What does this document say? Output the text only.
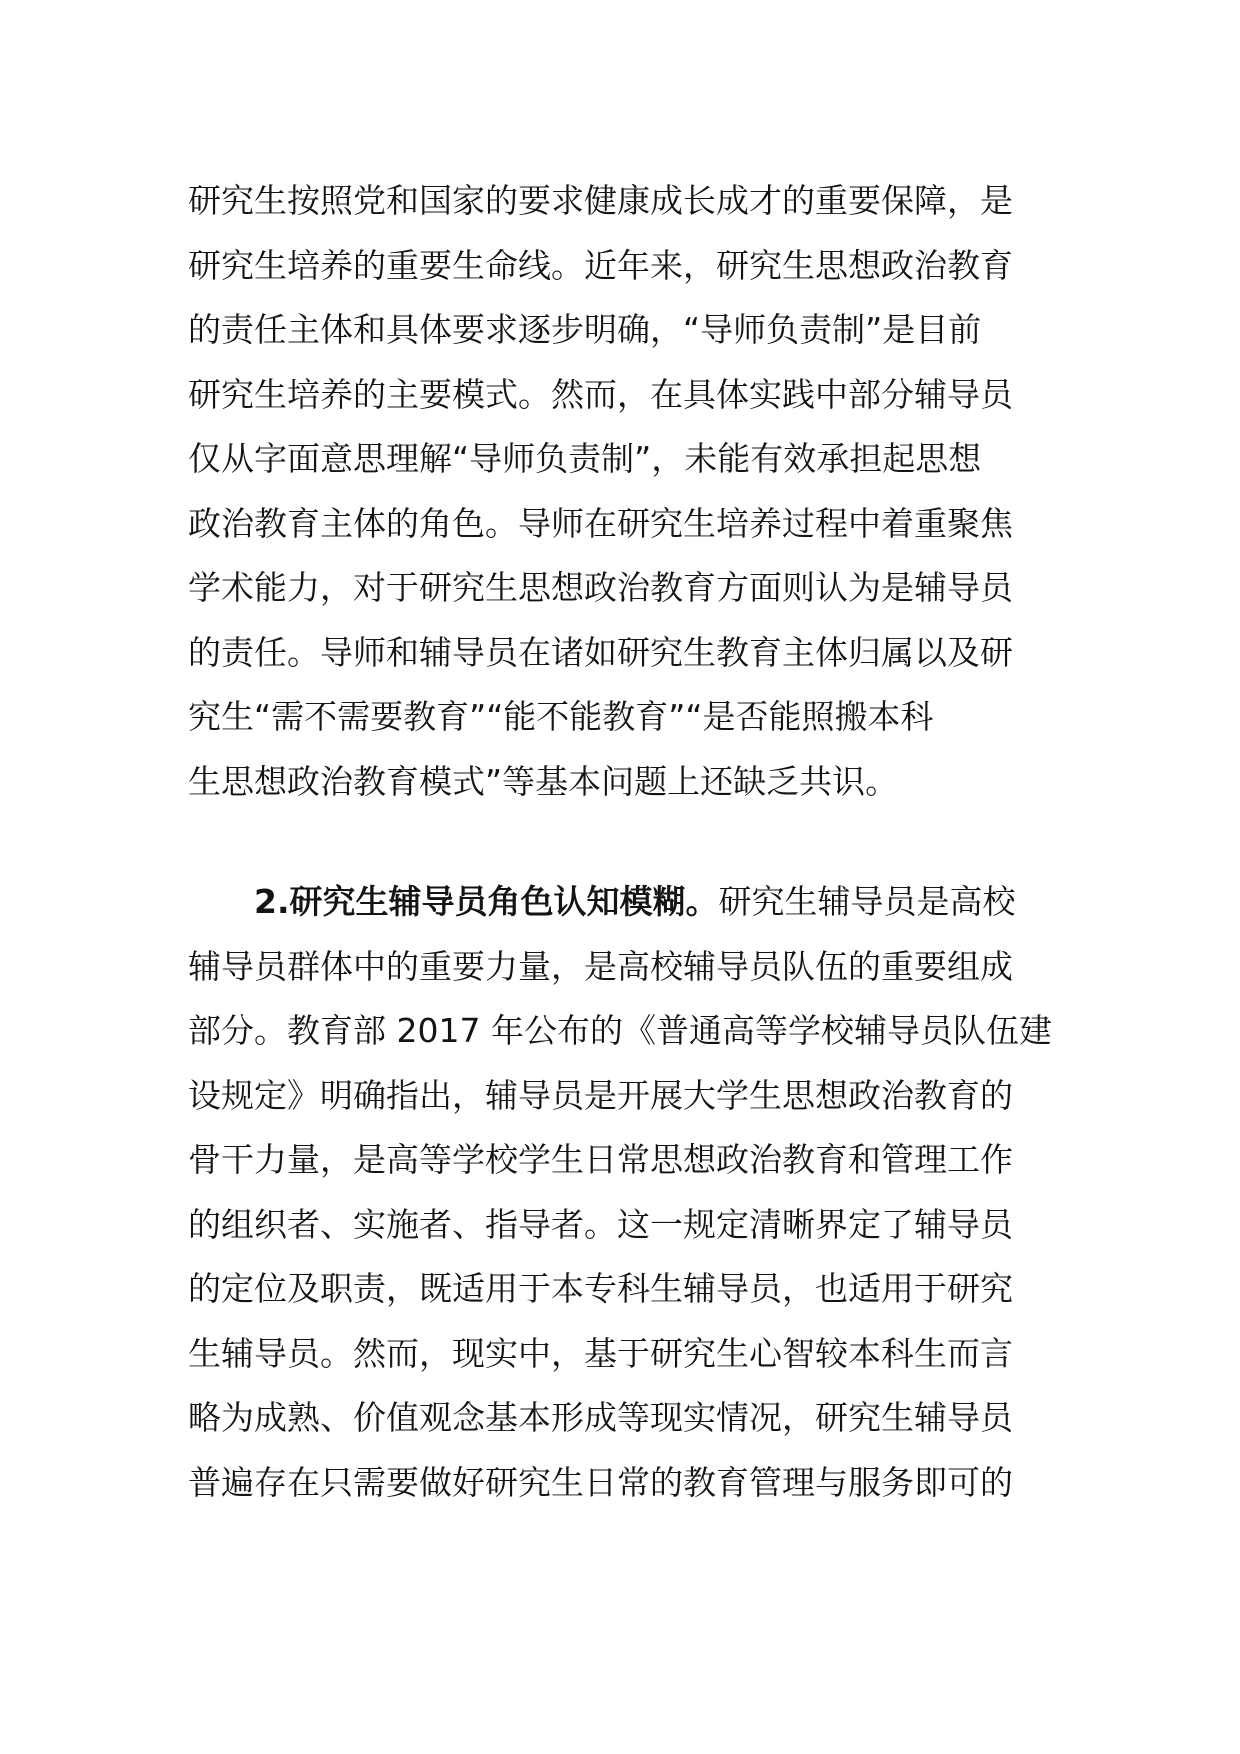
研究生按照党和国家的要求健康成长成才的重要保障，是
研究生培养的重要生命线。近年来，研究生思想政治教育
的责任主体和具体要求逐步明确，“导师负责制”是目前
研究生培养的主要模式。然而，在具体实践中部分辅导员
仅从字面意思理解“导师负责制”，未能有效承担起思想
政治教育主体的角色。导师在研究生培养过程中着重聚焦
学术能力，对于研究生思想政治教育方面则认为是辅导员
的责任。导师和辅导员在诸如研究生教育主体归属以及研
究生“需不需要教育”“能不能教育”“是否能照搬本科
生思想政治教育模式”等基本问题上还缺乏共识。
2.研究生辅导员角色认知模糊。研究生辅导员是高校
辅导员群体中的重要力量，是高校辅导员队伍的重要组成
部分。教育部 2017 年公布的《普通高等学校辅导员队伍建
设规定》明确指出，辅导员是开展大学生思想政治教育的
骨干力量，是高等学校学生日常思想政治教育和管理工作
的组织者、实施者、指导者。这一规定清晰界定了辅导员
的定位及职责，既适用于本专科生辅导员，也适用于研究
生辅导员。然而，现实中，基于研究生心智较本科生而言
略为成熟、价值观念基本形成等现实情况，研究生辅导员
普遍存在只需要做好研究生日常的教育管理与服务即可的
